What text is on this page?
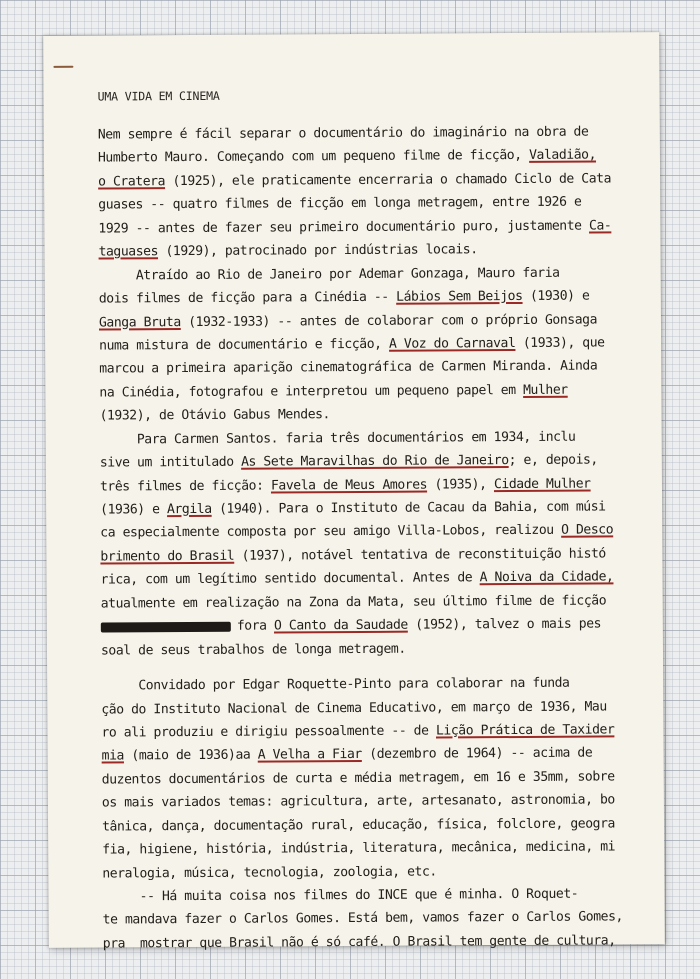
UMA VIDA EM CINEMA
Nem sempre é fácil separar o documentário do imaginário na obra de
Humberto Mauro. Começando com um pequeno filme de ficção, Valadião,
o Cratera (1925), ele praticamente encerraria o chamado Ciclo de Cata
guases -- quatro filmes de ficção em longa metragem, entre 1926 e
1929 -- antes de fazer seu primeiro documentário puro, justamente Ca-
taguases (1929), patrocinado por indústrias locais.
Atraído ao Rio de Janeiro por Ademar Gonzaga, Mauro faria
dois filmes de ficção para a Cinédia -- Lábios Sem Beijos (1930) e
Ganga Bruta (1932-1933) -- antes de colaborar com o próprio Gonsaga
numa mistura de documentário e ficção, A Voz do Carnaval (1933), que
marcou a primeira aparição cinematográfica de Carmen Miranda. Ainda
na Cinédia, fotografou e interpretou um pequeno papel em Mulher
(1932), de Otávio Gabus Mendes.
Para Carmen Santos. faria três documentários em 1934, inclu
sive um intitulado As Sete Maravilhas do Rio de Janeiro; e, depois,
três filmes de ficção: Favela de Meus Amores (1935), Cidade Mulher
(1936) e Argila (1940). Para o Instituto de Cacau da Bahia, com músi
ca especialmente composta por seu amigo Villa-Lobos, realizou O Desco
brimento do Brasil (1937), notável tentativa de reconstituição histó
rica, com um legítimo sentido documental. Antes de A Noiva da Cidade,
atualmente em realização na Zona da Mata, seu último filme de ficção
fora O Canto da Saudade (1952), talvez o mais pes
soal de seus trabalhos de longa metragem.
Convidado por Edgar Roquette-Pinto para colaborar na funda
ção do Instituto Nacional de Cinema Educativo, em março de 1936, Mau
ro ali produziu e dirigiu pessoalmente -- de Lição Prática de Taxider
mia (maio de 1936)aa A Velha a Fiar (dezembro de 1964) -- acima de
duzentos documentários de curta e média metragem, em 16 e 35mm, sobre
os mais variados temas: agricultura, arte, artesanato, astronomia, bo
tânica, dança, documentação rural, educação, física, folclore, geogra
fia, higiene, história, indústria, literatura, mecânica, medicina, mi
neralogia, música, tecnologia, zoologia, etc.
-- Há muita coisa nos filmes do INCE que é minha. O Roquet-
te mandava fazer o Carlos Gomes. Está bem, vamos fazer o Carlos Gomes,
pra  mostrar que Brasil não é só café. O Brasil tem gente de cultura,
